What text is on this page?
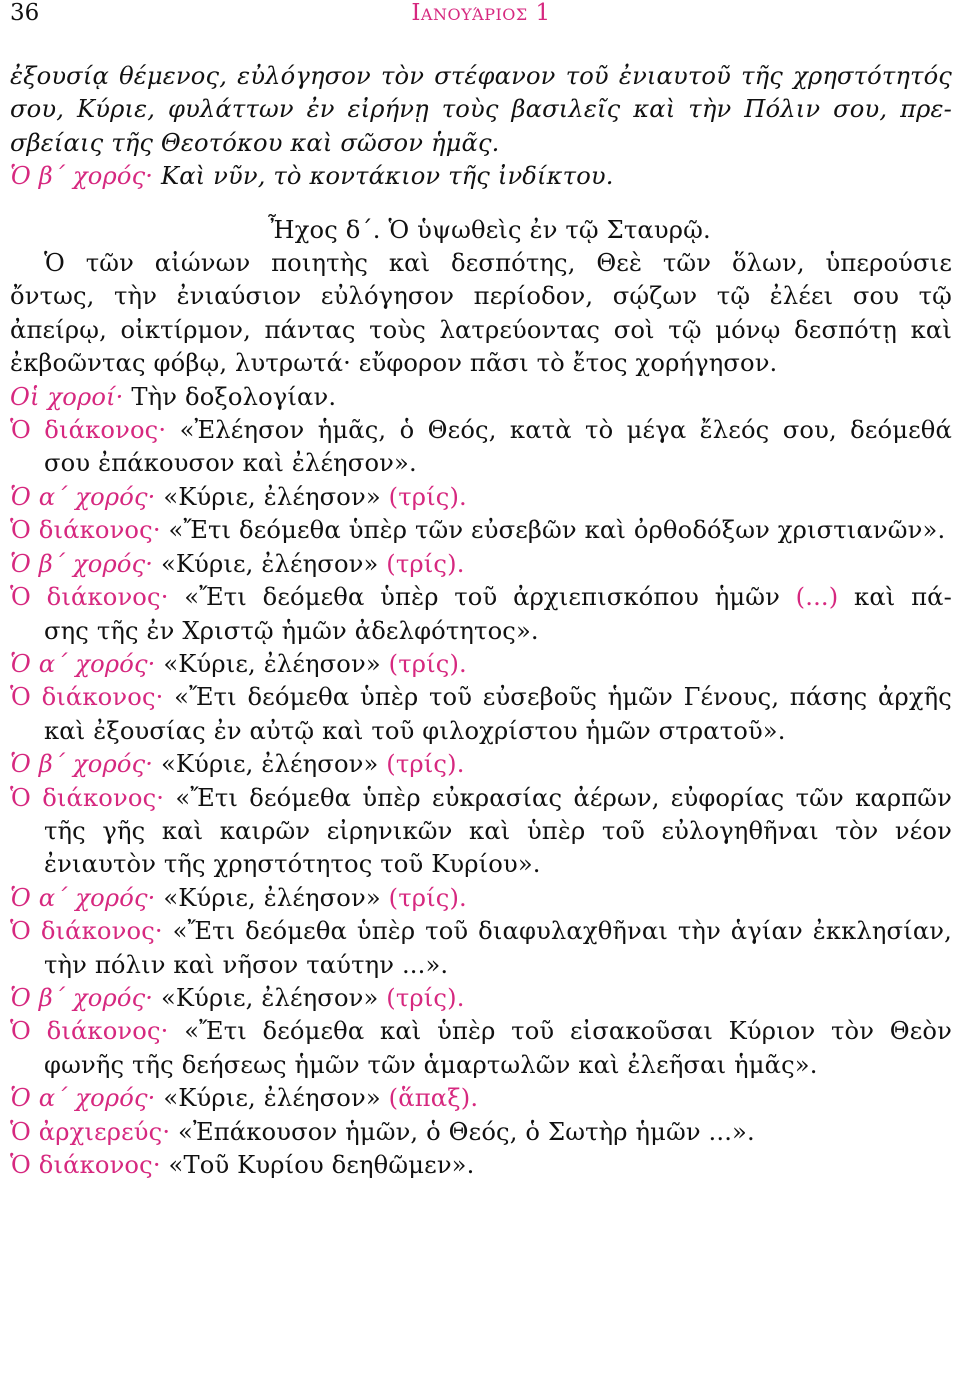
36	Ιανουάριος 1
ἐξουσίᾳ θέμενος, εὐλόγησον τὸν στέφανον τοῦ ἐνιαυτοῦ τῆς χρηστότητός
σου, Κύριε, φυλάττων ἐν εἰρήνῃ τοὺς βασιλεῖς καὶ τὴν Πόλιν σου, πρε-
σβείαις τῆς Θεοτόκου καὶ σῶσον ἡμᾶς.
Ὁ β΄ χορός· Καὶ νῦν, τὸ κοντάκιον τῆς ἰνδίκτου.
Ἦχος δ΄. Ὁ ὑψωθεὶς ἐν τῷ Σταυρῷ.
Ὁ τῶν αἰώνων ποιητὴς καὶ δεσπότης, Θεὲ τῶν ὅλων, ὑπερούσιε
ὄντως, τὴν ἐνιαύσιον εὐλόγησον περίοδον, σῴζων τῷ ἐλέει σου τῷ
ἀπείρῳ, οἰκτίρμον, πάντας τοὺς λατρεύοντας σοὶ τῷ μόνῳ δεσπότῃ καὶ
ἐκβοῶντας φόβῳ, λυτρωτά· εὔφορον πᾶσι τὸ ἔτος χορήγησον.
Οἱ χοροί· Τὴν δοξολογίαν.
Ὁ διάκονος· «Ἐλέησον ἡμᾶς, ὁ Θεός, κατὰ τὸ μέγα ἔλεός σου, δεόμεθά
σου ἐπάκουσον καὶ ἐλέησον».
Ὁ α΄ χορός· «Κύριε, ἐλέησον» (τρίς).
Ὁ διάκονος· «Ἔτι δεόμεθα ὑπὲρ τῶν εὐσεβῶν καὶ ὀρθοδόξων χριστιανῶν».
Ὁ β΄ χορός· «Κύριε, ἐλέησον» (τρίς).
Ὁ διάκονος· «Ἔτι δεόμεθα ὑπὲρ τοῦ ἀρχιεπισκόπου ἡμῶν (...) καὶ πά-
σης τῆς ἐν Χριστῷ ἡμῶν ἀδελφότητος».
Ὁ α΄ χορός· «Κύριε, ἐλέησον» (τρίς).
Ὁ διάκονος· «Ἔτι δεόμεθα ὑπὲρ τοῦ εὐσεβοῦς ἡμῶν Γένους, πάσης ἀρχῆς
καὶ ἐξουσίας ἐν αὐτῷ καὶ τοῦ φιλοχρίστου ἡμῶν στρατοῦ».
Ὁ β΄ χορός· «Κύριε, ἐλέησον» (τρίς).
Ὁ διάκονος· «Ἔτι δεόμεθα ὑπὲρ εὐκρασίας ἀέρων, εὐφορίας τῶν καρπῶν
τῆς γῆς καὶ καιρῶν εἰρηνικῶν καὶ ὑπὲρ τοῦ εὐλογηθῆναι τὸν νέον
ἐνιαυτὸν τῆς χρηστότητος τοῦ Κυρίου».
Ὁ α΄ χορός· «Κύριε, ἐλέησον» (τρίς).
Ὁ διάκονος· «Ἔτι δεόμεθα ὑπὲρ τοῦ διαφυλαχθῆναι τὴν ἁγίαν ἐκκλησίαν,
τὴν πόλιν καὶ νῆσον ταύτην ...».
Ὁ β΄ χορός· «Κύριε, ἐλέησον» (τρίς).
Ὁ διάκονος· «Ἔτι δεόμεθα καὶ ὑπὲρ τοῦ εἰσακοῦσαι Κύριον τὸν Θεὸν
φωνῆς τῆς δεήσεως ἡμῶν τῶν ἁμαρτωλῶν καὶ ἐλεῆσαι ἡμᾶς».
Ὁ α΄ χορός· «Κύριε, ἐλέησον» (ἅπαξ).
Ὁ ἀρχιερεύς· «Ἐπάκουσον ἡμῶν, ὁ Θεός, ὁ Σωτὴρ ἡμῶν ...».
Ὁ διάκονος· «Τοῦ Κυρίου δεηθῶμεν».
